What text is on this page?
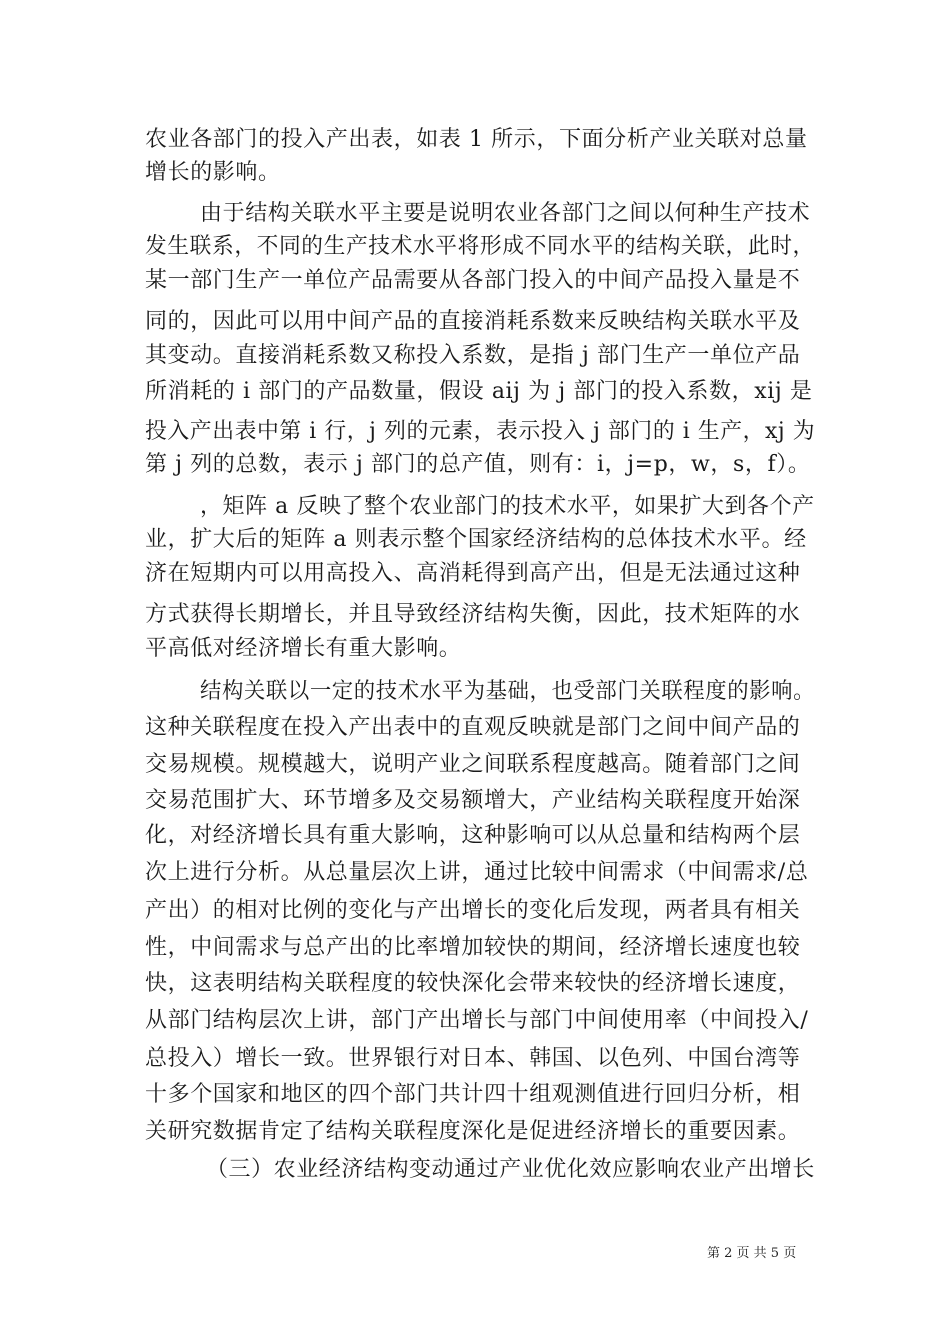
农业各部门的投入产出表，如表 1 所示，下面分析产业关联对总量
增长的影响。
由于结构关联水平主要是说明农业各部门之间以何种生产技术
发生联系，不同的生产技术水平将形成不同水平的结构关联，此时，
某一部门生产一单位产品需要从各部门投入的中间产品投入量是不
同的，因此可以用中间产品的直接消耗系数来反映结构关联水平及
其变动。直接消耗系数又称投入系数，是指 j 部门生产一单位产品
所消耗的 i 部门的产品数量，假设 aij 为 j 部门的投入系数，xij 是
投入产出表中第 i 行，j 列的元素，表示投入 j 部门的 i 生产，xj 为
第 j 列的总数，表示 j 部门的总产值，则有：i，j=p，w，s，f）。
，矩阵 a 反映了整个农业部门的技术水平，如果扩大到各个产
业，扩大后的矩阵 a 则表示整个国家经济结构的总体技术水平。经
济在短期内可以用高投入、高消耗得到高产出，但是无法通过这种
方式获得长期增长，并且导致经济结构失衡，因此，技术矩阵的水
平高低对经济增长有重大影响。
结构关联以一定的技术水平为基础，也受部门关联程度的影响。
这种关联程度在投入产出表中的直观反映就是部门之间中间产品的
交易规模。规模越大，说明产业之间联系程度越高。随着部门之间
交易范围扩大、环节增多及交易额增大，产业结构关联程度开始深
化，对经济增长具有重大影响，这种影响可以从总量和结构两个层
次上进行分析。从总量层次上讲，通过比较中间需求（中间需求/总
产出）的相对比例的变化与产出增长的变化后发现，两者具有相关
性，中间需求与总产出的比率增加较快的期间，经济增长速度也较
快，这表明结构关联程度的较快深化会带来较快的经济增长速度，
从部门结构层次上讲，部门产出增长与部门中间使用率（中间投入/
总投入）增长一致。世界银行对日本、韩国、以色列、中国台湾等
十多个国家和地区的四个部门共计四十组观测值进行回归分析，相
关研究数据肯定了结构关联程度深化是促进经济增长的重要因素。
（三）农业经济结构变动通过产业优化效应影响农业产出增长
第 2 页 共 5 页
